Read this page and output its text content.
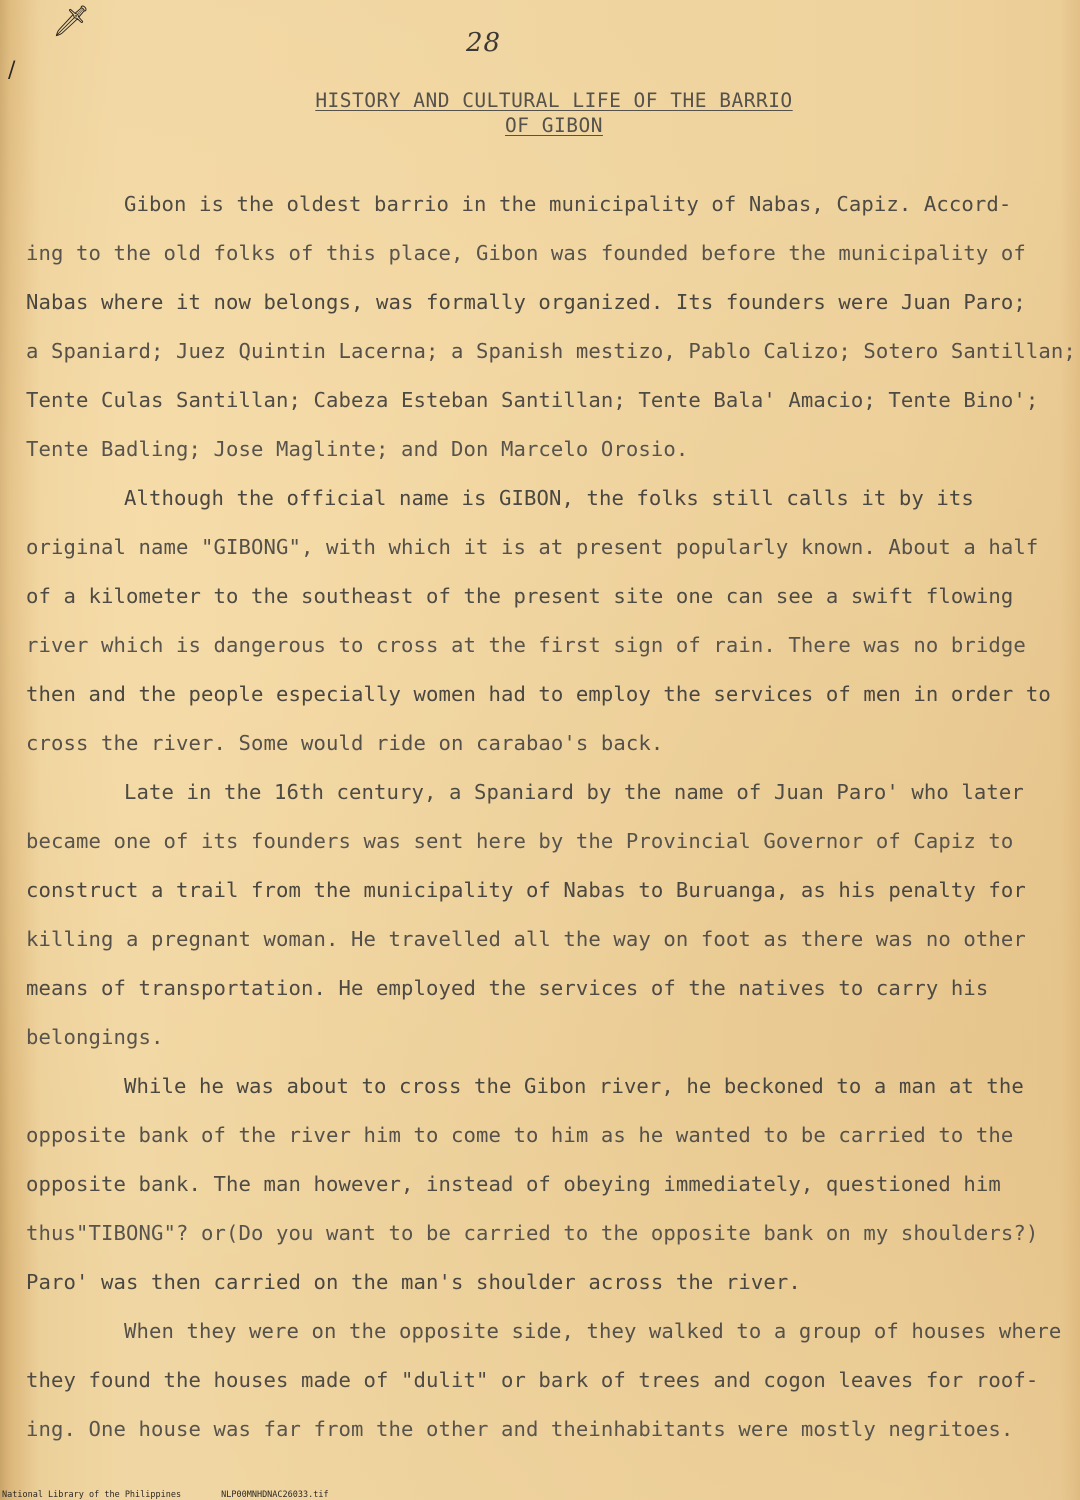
🗡
/
28
HISTORY AND CULTURAL LIFE OF THE BARRIO
OF GIBON
Gibon is the oldest barrio in the municipality of Nabas, Capiz. Accord-
ing to the old folks of this place, Gibon was founded before the municipality of
Nabas where it now belongs, was formally organized. Its founders were Juan Paro;
a Spaniard; Juez Quintin Lacerna; a Spanish mestizo, Pablo Calizo; Sotero Santillan;
Tente Culas Santillan; Cabeza Esteban Santillan; Tente Bala' Amacio; Tente Bino';
Tente Badling; Jose Maglinte; and Don Marcelo Orosio.
Although the official name is GIBON, the folks still calls it by its
original name "GIBONG", with which it is at present popularly known. About a half
of a kilometer to the southeast of the present site one can see a swift flowing
river which is dangerous to cross at the first sign of rain. There was no bridge
then and the people especially women had to employ the services of men in order to
cross the river. Some would ride on carabao's back.
Late in the 16th century, a Spaniard by the name of Juan Paro' who later
became one of its founders was sent here by the Provincial Governor of Capiz to
construct a trail from the municipality of Nabas to Buruanga, as his penalty for
killing a pregnant woman. He travelled all the way on foot as there was no other
means of transportation. He employed the services of the natives to carry his
belongings.
While he was about to cross the Gibon river, he beckoned to a man at the
opposite bank of the river him to come to him as he wanted to be carried to the
opposite bank. The man however, instead of obeying immediately, questioned him
thus"TIBONG"? or(Do you want to be carried to the opposite bank on my shoulders?)
Paro' was then carried on the man's shoulder across the river.
When they were on the opposite side, they walked to a group of houses where
they found the houses made of "dulit" or bark of trees and cogon leaves for roof-
ing. One house was far from the other and theinhabitants were mostly negritoes.
National Library of the Philippines	NLP00MNHDNAC26033.tif
